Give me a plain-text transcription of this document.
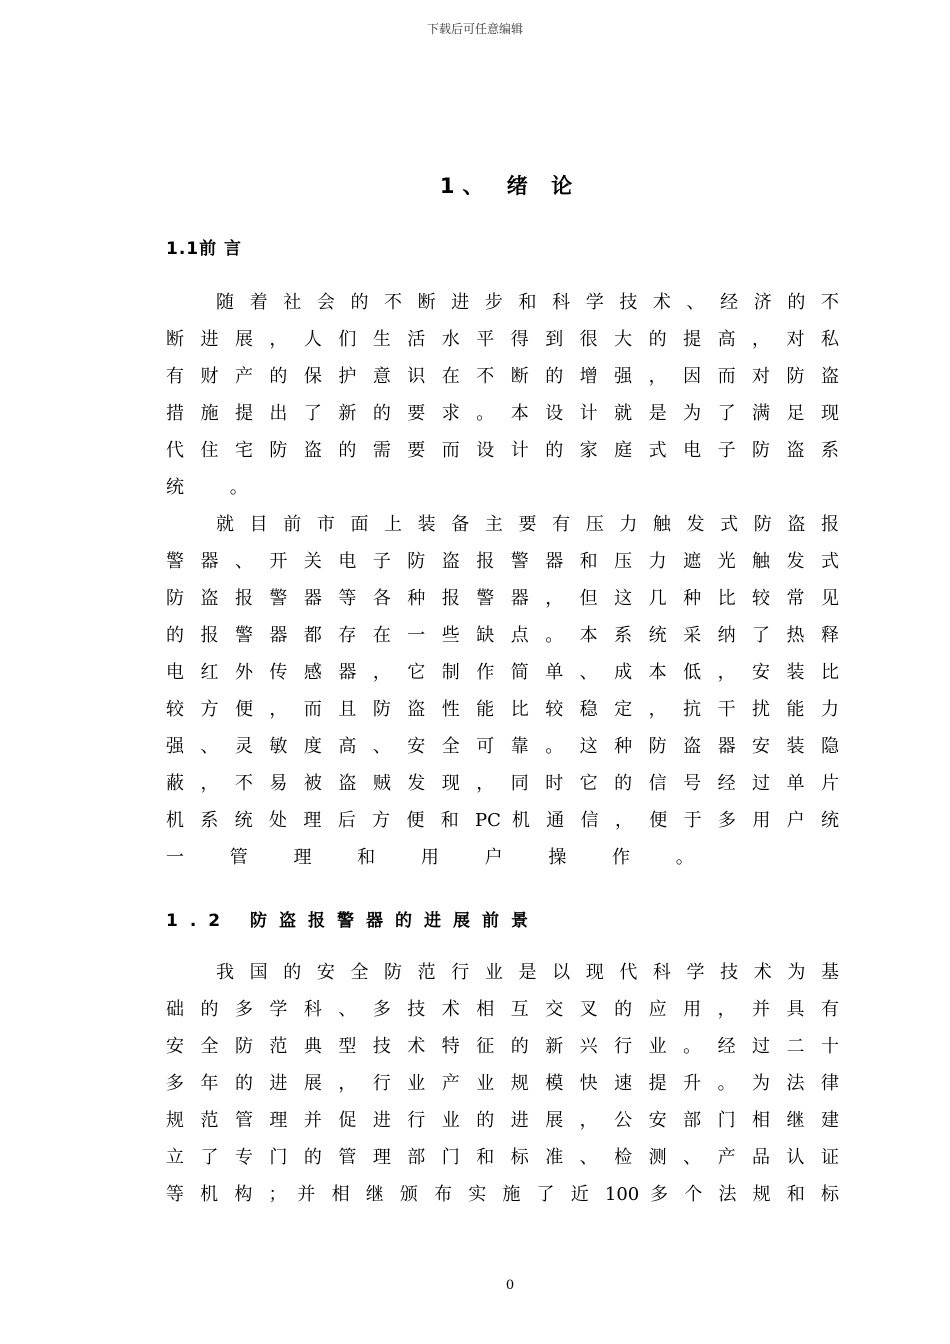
下载后可任意编辑
1、 绪 论
1.1前 言
随 着 社 会 的 不 断 进 步 和 科 学 技 术 、 经 济 的 不
断 进 展 ， 人 们 生 活 水 平 得 到 很 大 的 提 高 ， 对 私
有 财 产 的 保 护 意 识 在 不 断 的 增 强 ， 因 而 对 防 盗
措 施 提 出 了 新 的 要 求 。 本 设 计 就 是 为 了 满 足 现
代 住 宅 防 盗 的 需 要 而 设 计 的 家 庭 式 电 子 防 盗 系
统 。
就 目 前 市 面 上 装 备 主 要 有 压 力 触 发 式 防 盗 报
警 器 、 开 关 电 子 防 盗 报 警 器 和 压 力 遮 光 触 发 式
防 盗 报 警 器 等 各 种 报 警 器 ， 但 这 几 种 比 较 常 见
的 报 警 器 都 存 在 一 些 缺 点 。 本 系 统 采 纳 了 热 释
电 红 外 传 感 器 ， 它 制 作 简 单 、 成 本 低 ， 安 装 比
较 方 便 ， 而 且 防 盗 性 能 比 较 稳 定 ， 抗 干 扰 能 力
强 、 灵 敏 度 高 、 安 全 可 靠 。 这 种 防 盗 器 安 装 隐
蔽 ， 不 易 被 盗 贼 发 现 ， 同 时 它 的 信 号 经 过 单 片
机 系 统 处 理 后 方 便 和 PC 机 通 信 ， 便 于 多 用 户 统
一 管 理 和 用 户 操 作 。
1.2 防盗报警器的进展前景
我 国 的 安 全 防 范 行 业 是 以 现 代 科 学 技 术 为 基
础 的 多 学 科 、 多 技 术 相 互 交 叉 的 应 用 ， 并 具 有
安 全 防 范 典 型 技 术 特 征 的 新 兴 行 业 。 经 过 二 十
多 年 的 进 展 ， 行 业 产 业 规 模 快 速 提 升 。 为 法 律
规 范 管 理 并 促 进 行 业 的 进 展 ， 公 安 部 门 相 继 建
立 了 专 门 的 管 理 部 门 和 标 准 、 检 测 、 产 品 认 证
等 机 构 ； 并 相 继 颁 布 实 施 了 近 100 多 个 法 规 和 标
0
